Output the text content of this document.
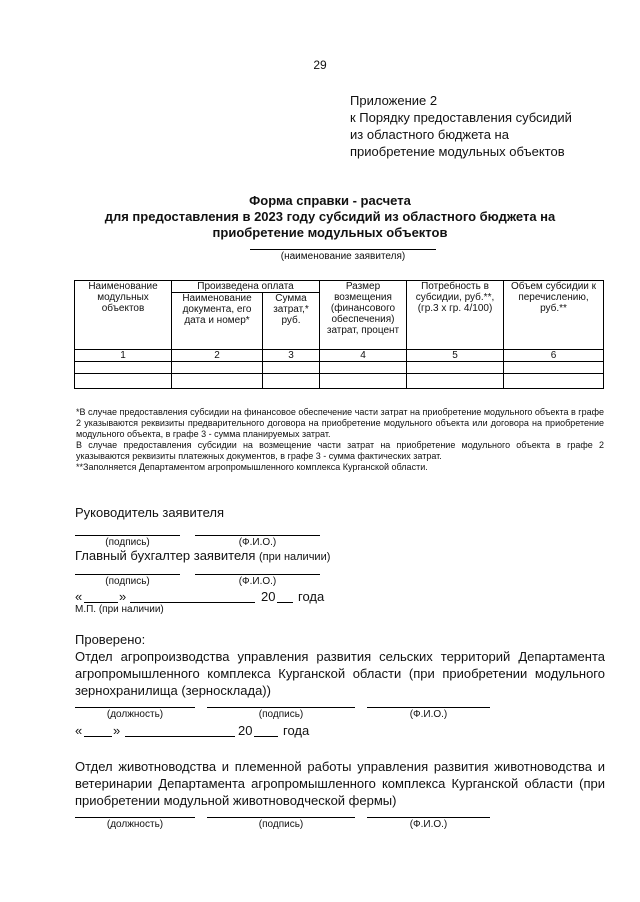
29
Приложение 2
к Порядку предоставления субсидий
из областного бюджета на
приобретение модульных объектов
Форма справки - расчета
для предоставления в 2023 году субсидий из областного бюджета на
приобретение модульных объектов
(наименование заявителя)
Наименование модульных объектов	Произведена оплата		Размер возмещения (финансового обеспечения) затрат, процент	Потребность в субсидии, руб.**, (гр.3 х гр. 4/100)	Объем субсидии к перечислению, руб.**
	Наименование документа, его дата и номер*	Сумма затрат,* руб.			
1	2	3	4	5	6

*В случае предоставления субсидии на финансовое обеспечение части затрат на приобретение модульного объекта в графе 2 указываются реквизиты предварительного договора на приобретение модульного объекта или договора на приобретение модульного объекта, в графе 3 - сумма планируемых затрат.

В случае предоставления субсидии на возмещение части затрат на приобретение модульного объекта в графе 2 указываются реквизиты платежных документов, в графе 3 - сумма фактических затрат.

**Заполняется Департаментом агропромышленного комплекса Курганской области.

Руководитель заявителя
(подпись)	(Ф.И.О.)
Главный бухгалтер заявителя (при наличии)
(подпись)	(Ф.И.О.)
«	»	20 года
М.П. (при наличии)
Проверено:
Отдел агропроизводства управления развития сельских территорий Департамента агропромышленного комплекса Курганской области (при приобретении модульного зернохранилища (зерносклада))
(должность)	(подпись)	(Ф.И.О.)
« »	20 года
Отдел животноводства и племенной работы управления развития животноводства и ветеринарии Департамента агропромышленного комплекса Курганской области (при приобретении модульной животноводческой фермы)
(должность)	(подпись)	(Ф.И.О.)
